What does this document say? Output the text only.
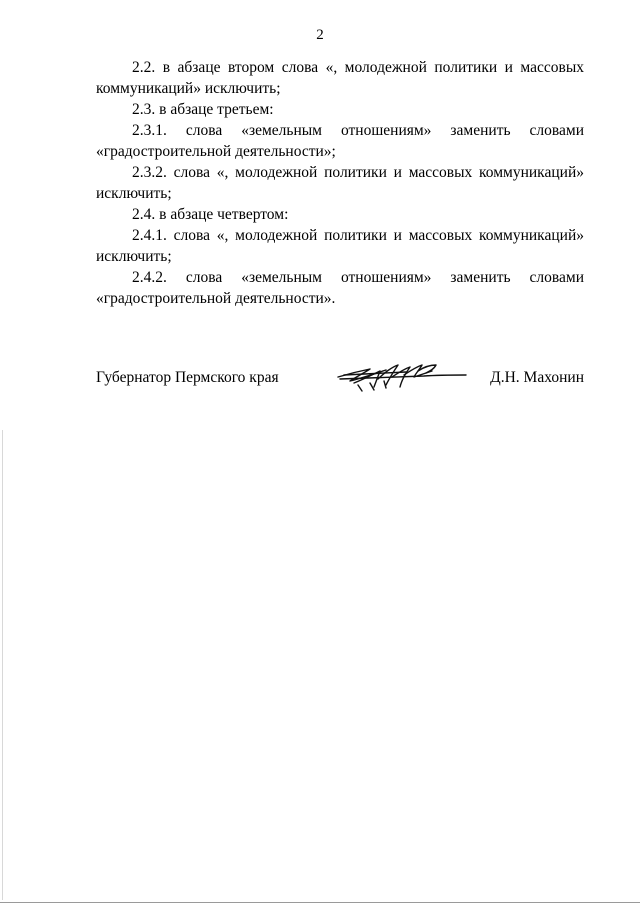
2

2.2. в абзаце втором слова «, молодежной политики и массовых коммуникаций» исключить;

2.3. в абзаце третьем:

2.3.1. слова «земельным отношениям» заменить словами «градостроительной деятельности»;

2.3.2. слова «, молодежной политики и массовых коммуникаций» исключить;

2.4. в абзаце четвертом:

2.4.1. слова «, молодежной политики и массовых коммуникаций» исключить;

2.4.2. слова «земельным отношениям» заменить словами «градостроительной деятельности».

Губернатор Пермского края	Д.Н. Махонин
